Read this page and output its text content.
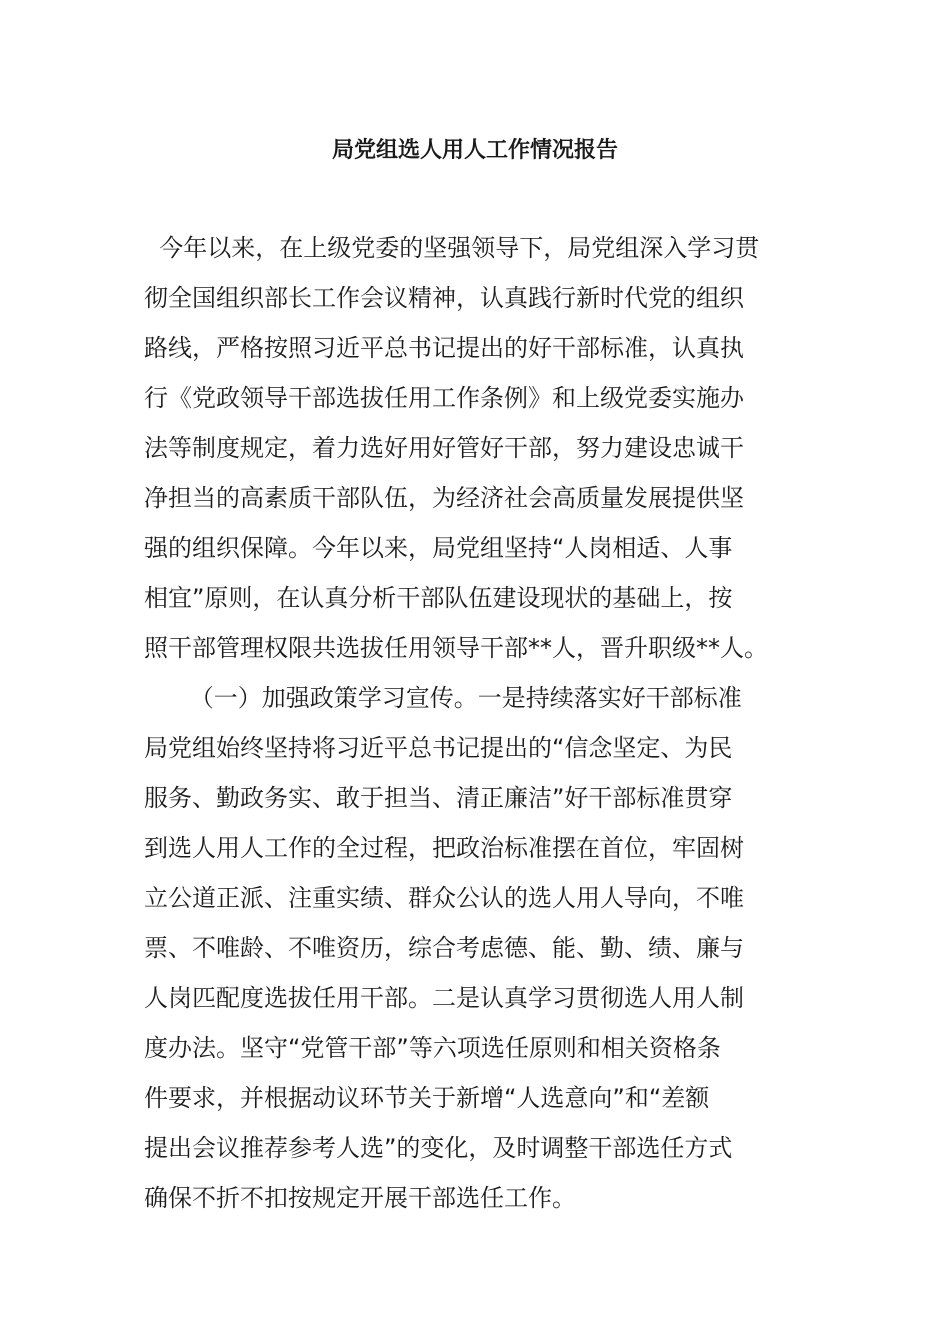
局党组选人用人工作情况报告
今年以来，在上级党委的坚强领导下，局党组深入学习贯
彻全国组织部长工作会议精神，认真践行新时代党的组织
路线，严格按照习近平总书记提出的好干部标准，认真执
行《党政领导干部选拔任用工作条例》和上级党委实施办
法等制度规定，着力选好用好管好干部，努力建设忠诚干
净担当的高素质干部队伍，为经济社会高质量发展提供坚
强的组织保障。今年以来，局党组坚持“人岗相适、人事
相宜”原则，在认真分析干部队伍建设现状的基础上，按
照干部管理权限共选拔任用领导干部**人，晋升职级**人。
（一）加强政策学习宣传。一是持续落实好干部标准
局党组始终坚持将习近平总书记提出的“信念坚定、为民
服务、勤政务实、敢于担当、清正廉洁”好干部标准贯穿
到选人用人工作的全过程，把政治标准摆在首位，牢固树
立公道正派、注重实绩、群众公认的选人用人导向，不唯
票、不唯龄、不唯资历，综合考虑德、能、勤、绩、廉与
人岗匹配度选拔任用干部。二是认真学习贯彻选人用人制
度办法。坚守“党管干部”等六项选任原则和相关资格条
件要求，并根据动议环节关于新增“人选意向”和“差额
提出会议推荐参考人选”的变化，及时调整干部选任方式
确保不折不扣按规定开展干部选任工作。
